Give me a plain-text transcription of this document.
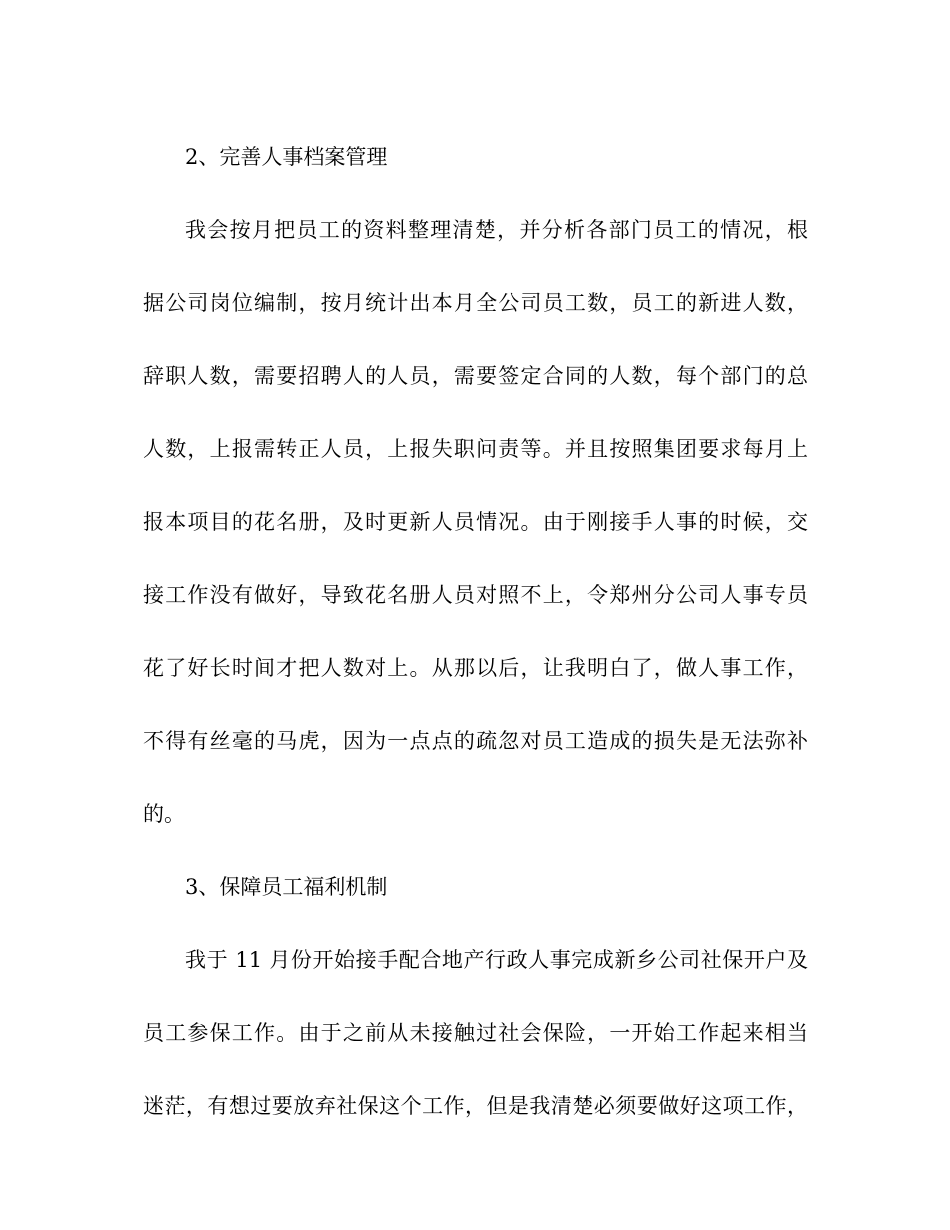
2、完善人事档案管理
我会按月把员工的资料整理清楚，并分析各部门员工的情况，根
据公司岗位编制，按月统计出本月全公司员工数，员工的新进人数，
辞职人数，需要招聘人的人员，需要签定合同的人数，每个部门的总
人数，上报需转正人员，上报失职问责等。并且按照集团要求每月上
报本项目的花名册，及时更新人员情况。由于刚接手人事的时候，交
接工作没有做好，导致花名册人员对照不上，令郑州分公司人事专员
花了好长时间才把人数对上。从那以后，让我明白了，做人事工作，
不得有丝毫的马虎，因为一点点的疏忽对员工造成的损失是无法弥补
的。
3、保障员工福利机制
我于 11 月份开始接手配合地产行政人事完成新乡公司社保开户及
员工参保工作。由于之前从未接触过社会保险，一开始工作起来相当
迷茫，有想过要放弃社保这个工作，但是我清楚必须要做好这项工作，
